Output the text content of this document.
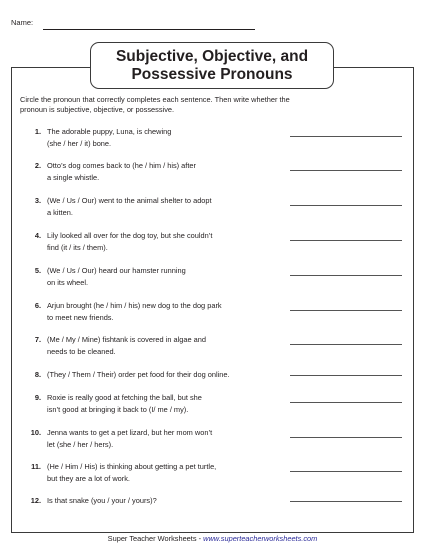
Name:
Subjective, Objective, and
Possessive Pronouns
Circle the pronoun that correctly completes each sentence. Then write whether the
pronoun is subjective, objective, or possessive.
1. The adorable puppy, Luna, is chewing
(she / her / it) bone.
2. Otto’s dog comes back to (he / him / his) after
a single whistle.
3. (We / Us / Our) went to the animal shelter to adopt
a kitten.
4. Lily looked all over for the dog toy, but she couldn’t
find (it / its / them).
5. (We / Us / Our) heard our hamster running
on its wheel.
6. Arjun brought (he / him / his) new dog to the dog park
to meet new friends.
7. (Me / My / Mine) fishtank is covered in algae and
needs to be cleaned.
8. (They / Them / Their) order pet food for their dog online.
9. Roxie is really good at fetching the ball, but she
isn’t good at bringing it back to (I/ me / my).
10. Jenna wants to get a pet lizard, but her mom won’t
let (she / her / hers).
11. (He / Him / His) is thinking about getting a pet turtle,
but they are a lot of work.
12. Is that snake (you / your / yours)?
Super Teacher Worksheets - www.superteacherworksheets.com
